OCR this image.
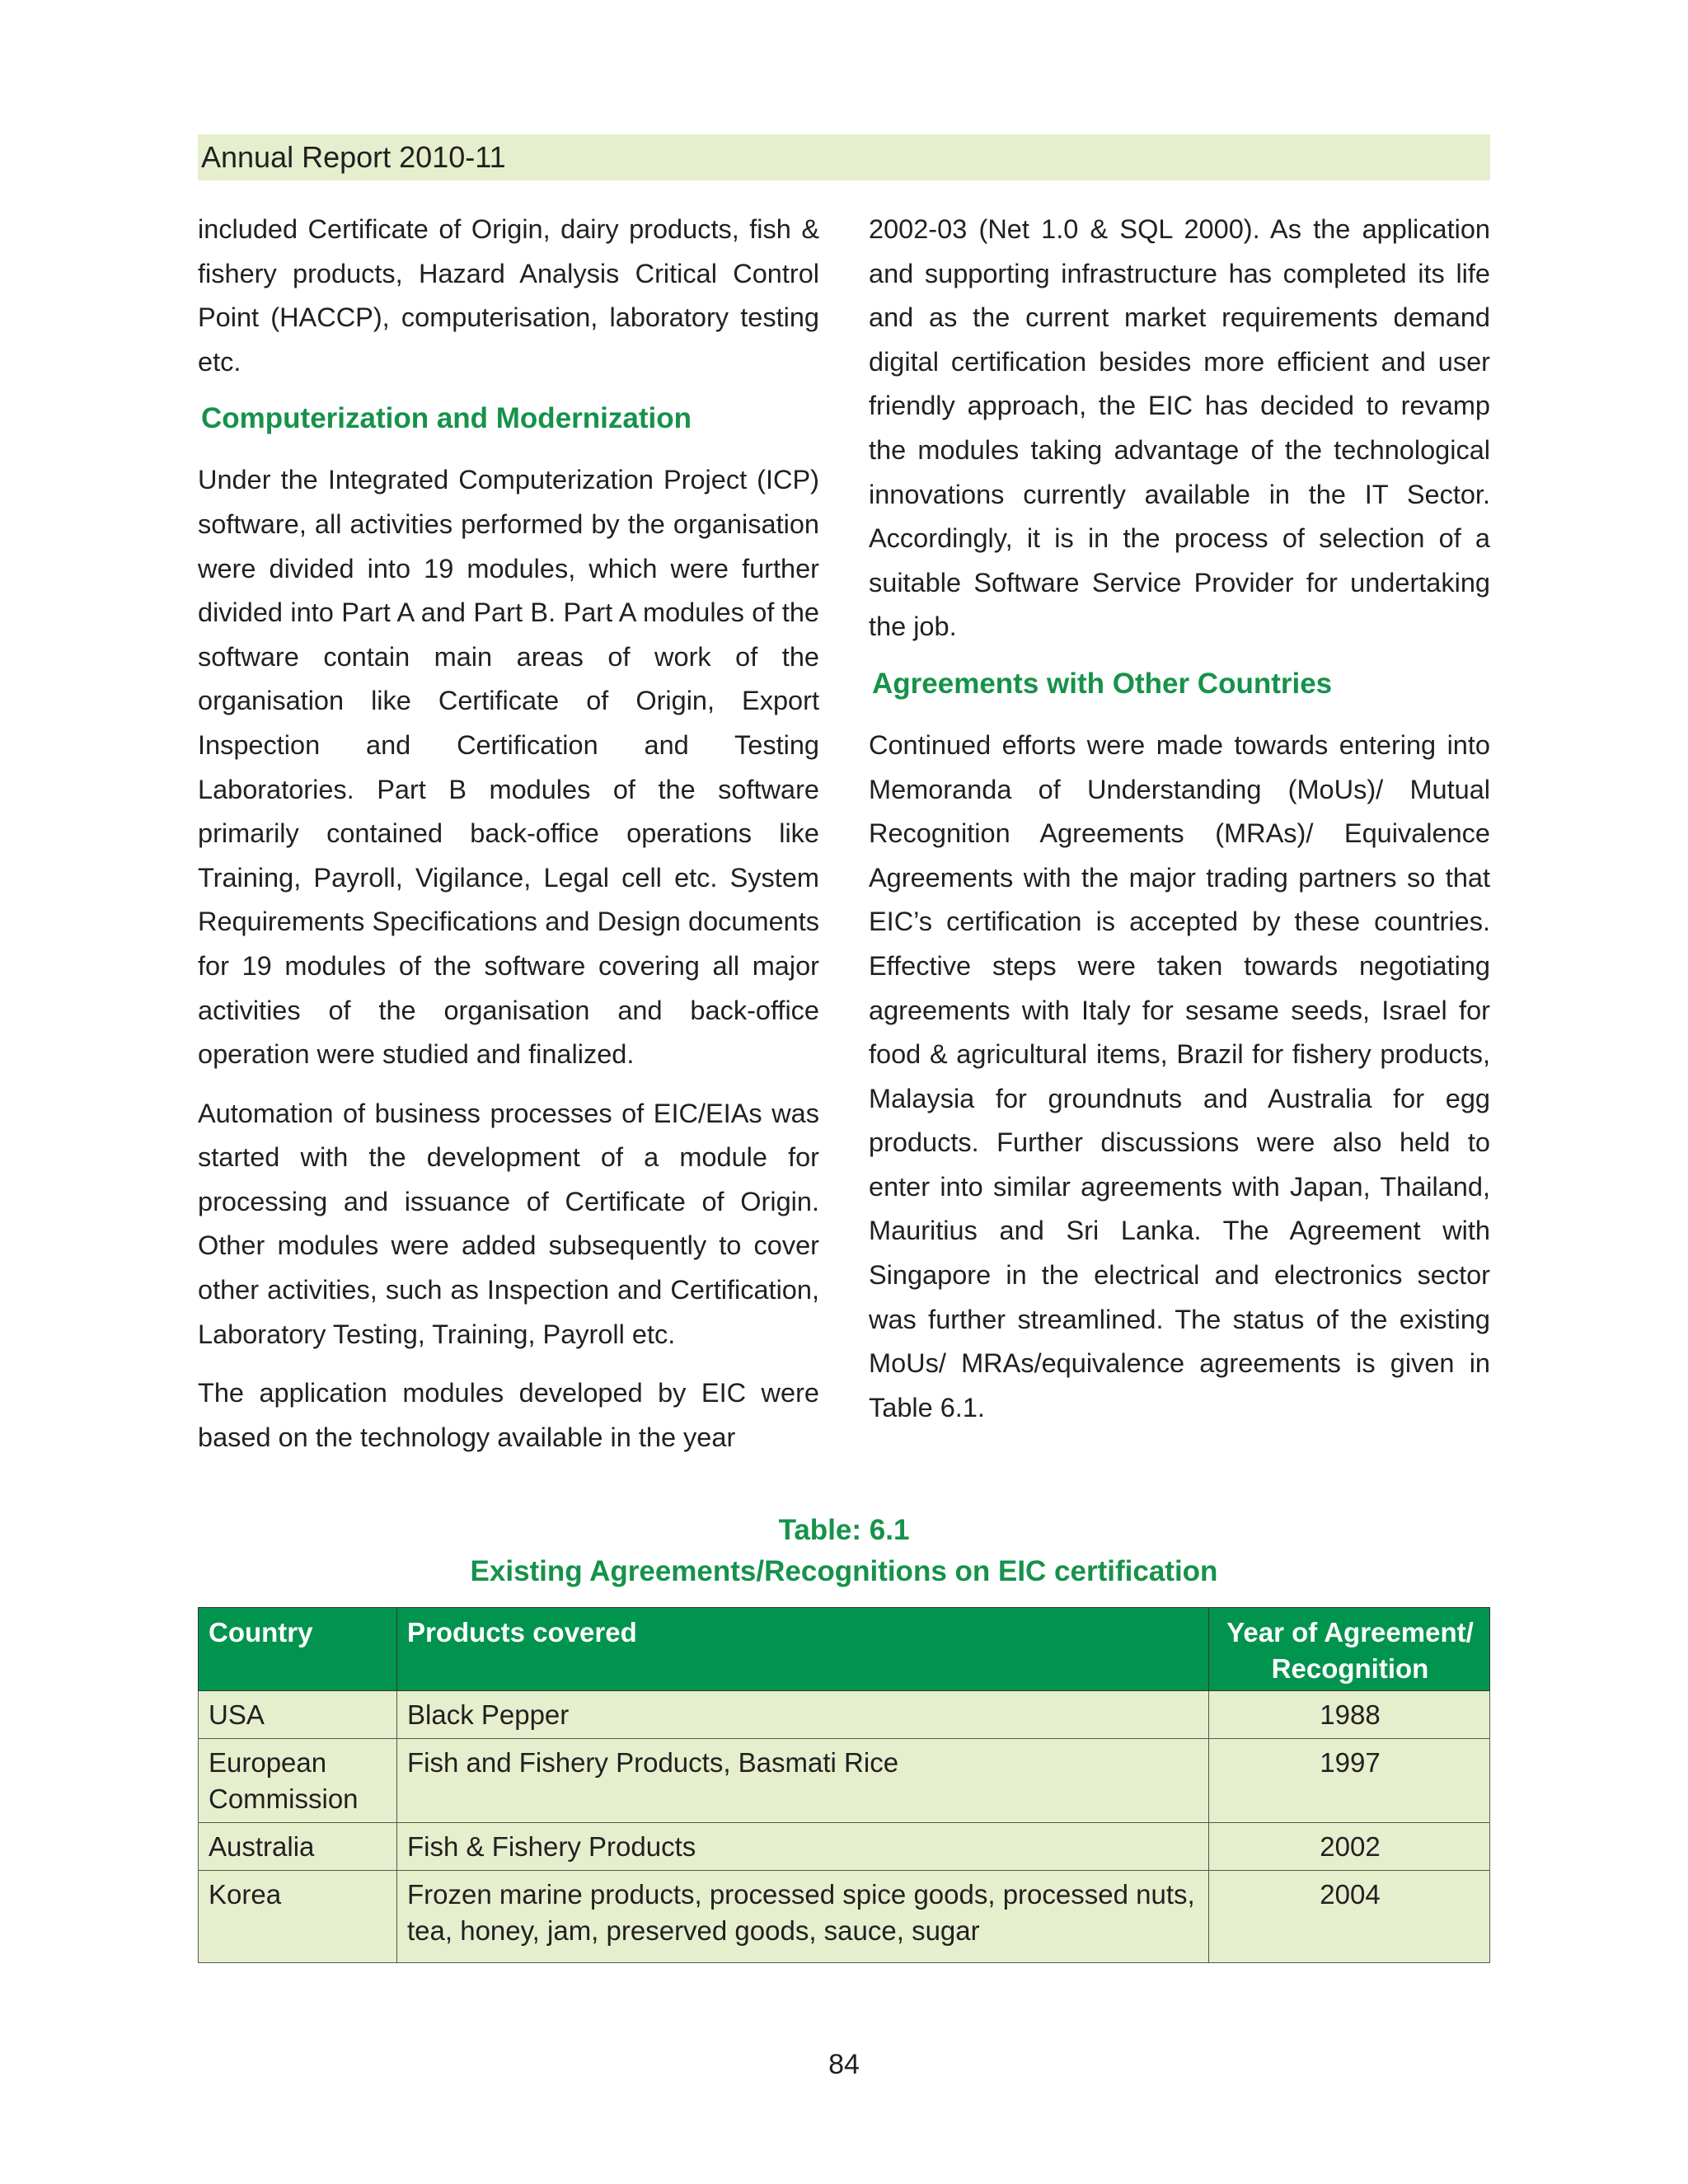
Annual Report 2010-11

included Certificate of Origin, dairy products, fish & fishery products, Hazard Analysis Critical Control Point (HACCP), computerisation, laboratory testing etc.

Computerization and Modernization

Under the Integrated Computerization Project (ICP) software, all activities performed by the organisation were divided into 19 modules, which were further divided into Part A and Part B. Part A modules of the software contain main areas of work of the organisation like Certificate of Origin, Export Inspection and Certification and Testing Laboratories. Part B modules of the software primarily contained back-office operations like Training, Payroll, Vigilance, Legal cell etc. System Requirements Specifications and Design documents for 19 modules of the software covering all major activities of the organisation and back-office operation were studied and finalized.

Automation of business processes of EIC/EIAs was started with the development of a module for processing and issuance of Certificate of Origin. Other modules were added subsequently to cover other activities, such as Inspection and Certification, Laboratory Testing, Training, Payroll etc.

The application modules developed by EIC were based on the technology available in the year

2002-03 (Net 1.0 & SQL 2000). As the application and supporting infrastructure has completed its life and as the current market requirements demand digital certification besides more efficient and user friendly approach, the EIC has decided to revamp the modules taking advantage of the technological innovations currently available in the IT Sector. Accordingly, it is in the process of selection of a suitable Software Service Provider for undertaking the job.

Agreements with Other Countries

Continued efforts were made towards entering into Memoranda of Understanding (MoUs)/ Mutual Recognition Agreements (MRAs)/ Equivalence Agreements with the major trading partners so that EIC’s certification is accepted by these countries. Effective steps were taken towards negotiating agreements with Italy for sesame seeds, Israel for food & agricultural items, Brazil for fishery products, Malaysia for groundnuts and Australia for egg products. Further discussions were also held to enter into similar agreements with Japan, Thailand, Mauritius and Sri Lanka. The Agreement with Singapore in the electrical and electronics sector was further streamlined. The status of the existing MoUs/ MRAs/equivalence agreements is given in Table 6.1.

Table: 6.1
Existing Agreements/Recognitions on EIC certification
Country	Products covered	Year of Agreement/
Recognition
USA	Black Pepper	1988
European
Commission	Fish and Fishery Products, Basmati Rice	1997
Australia	Fish & Fishery Products	2002
Korea	Frozen marine products, processed spice goods, processed nuts,
tea, honey, jam, preserved goods, sauce, sugar	2004
84
